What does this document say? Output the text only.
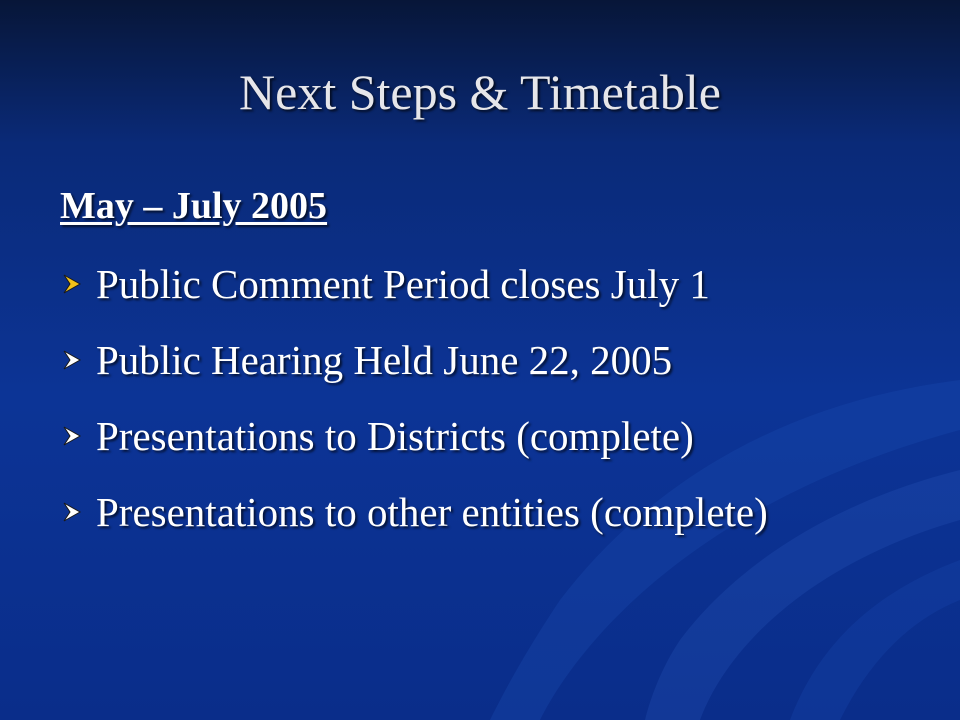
Next Steps & Timetable
May – July 2005
Public Comment Period closes July 1
Public Hearing Held June 22, 2005
Presentations to Districts (complete)
Presentations to other entities (complete)
